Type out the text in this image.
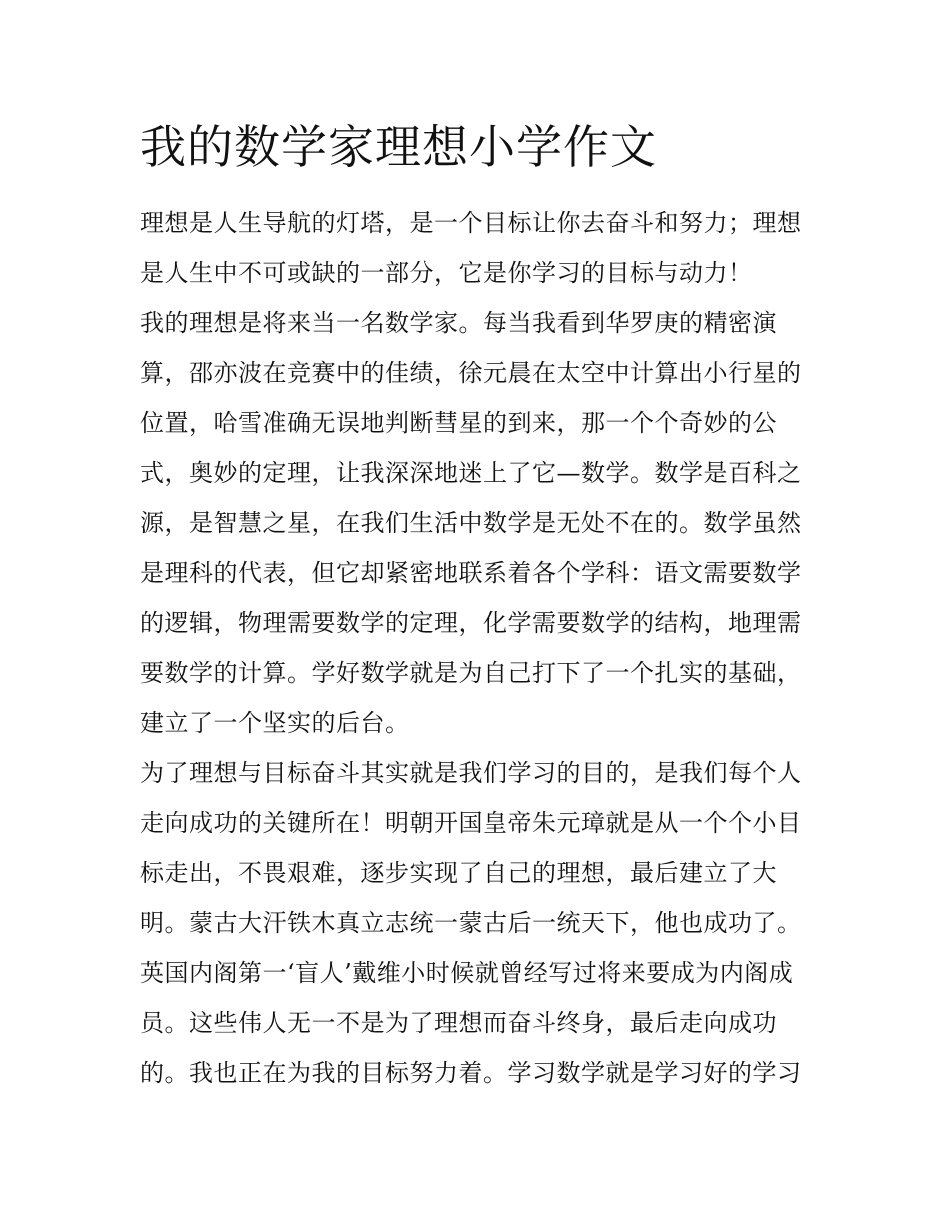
我的数学家理想小学作文
理想是人生导航的灯塔，是一个目标让你去奋斗和努力；理想
是人生中不可或缺的一部分，它是你学习的目标与动力！
我的理想是将来当一名数学家。每当我看到华罗庚的精密演
算，邵亦波在竞赛中的佳绩，徐元晨在太空中计算出小行星的
位置，哈雪准确无误地判断彗星的到来，那一个个奇妙的公
式，奥妙的定理，让我深深地迷上了它—数学。数学是百科之
源，是智慧之星，在我们生活中数学是无处不在的。数学虽然
是理科的代表，但它却紧密地联系着各个学科：语文需要数学
的逻辑，物理需要数学的定理，化学需要数学的结构，地理需
要数学的计算。学好数学就是为自己打下了一个扎实的基础，
建立了一个坚实的后台。
为了理想与目标奋斗其实就是我们学习的目的，是我们每个人
走向成功的关键所在！明朝开国皇帝朱元璋就是从一个个小目
标走出，不畏艰难，逐步实现了自己的理想，最后建立了大
明。蒙古大汗铁木真立志统一蒙古后一统天下，他也成功了。
英国内阁第一‘盲人’戴维小时候就曾经写过将来要成为内阁成
员。这些伟人无一不是为了理想而奋斗终身，最后走向成功
的。我也正在为我的目标努力着。学习数学就是学习好的学习
